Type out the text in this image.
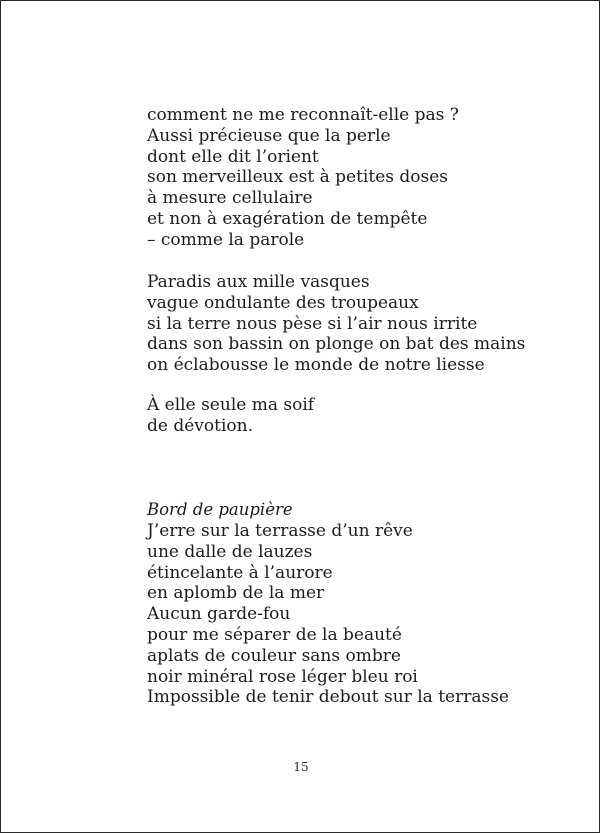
comment ne me reconnaît-elle pas ?
Aussi précieuse que la perle
dont elle dit l’orient
son merveilleux est à petites doses
à mesure cellulaire
et non à exagération de tempête
– comme la parole
Paradis aux mille vasques
vague ondulante des troupeaux
si la terre nous pèse si l’air nous irrite
dans son bassin on plonge on bat des mains
on éclabousse le monde de notre liesse
À elle seule ma soif
de dévotion.
Bord de paupière
J’erre sur la terrasse d’un rêve
une dalle de lauzes
étincelante à l’aurore
en aplomb de la mer
Aucun garde-fou
pour me séparer de la beauté
aplats de couleur sans ombre
noir minéral rose léger bleu roi
Impossible de tenir debout sur la terrasse
15
